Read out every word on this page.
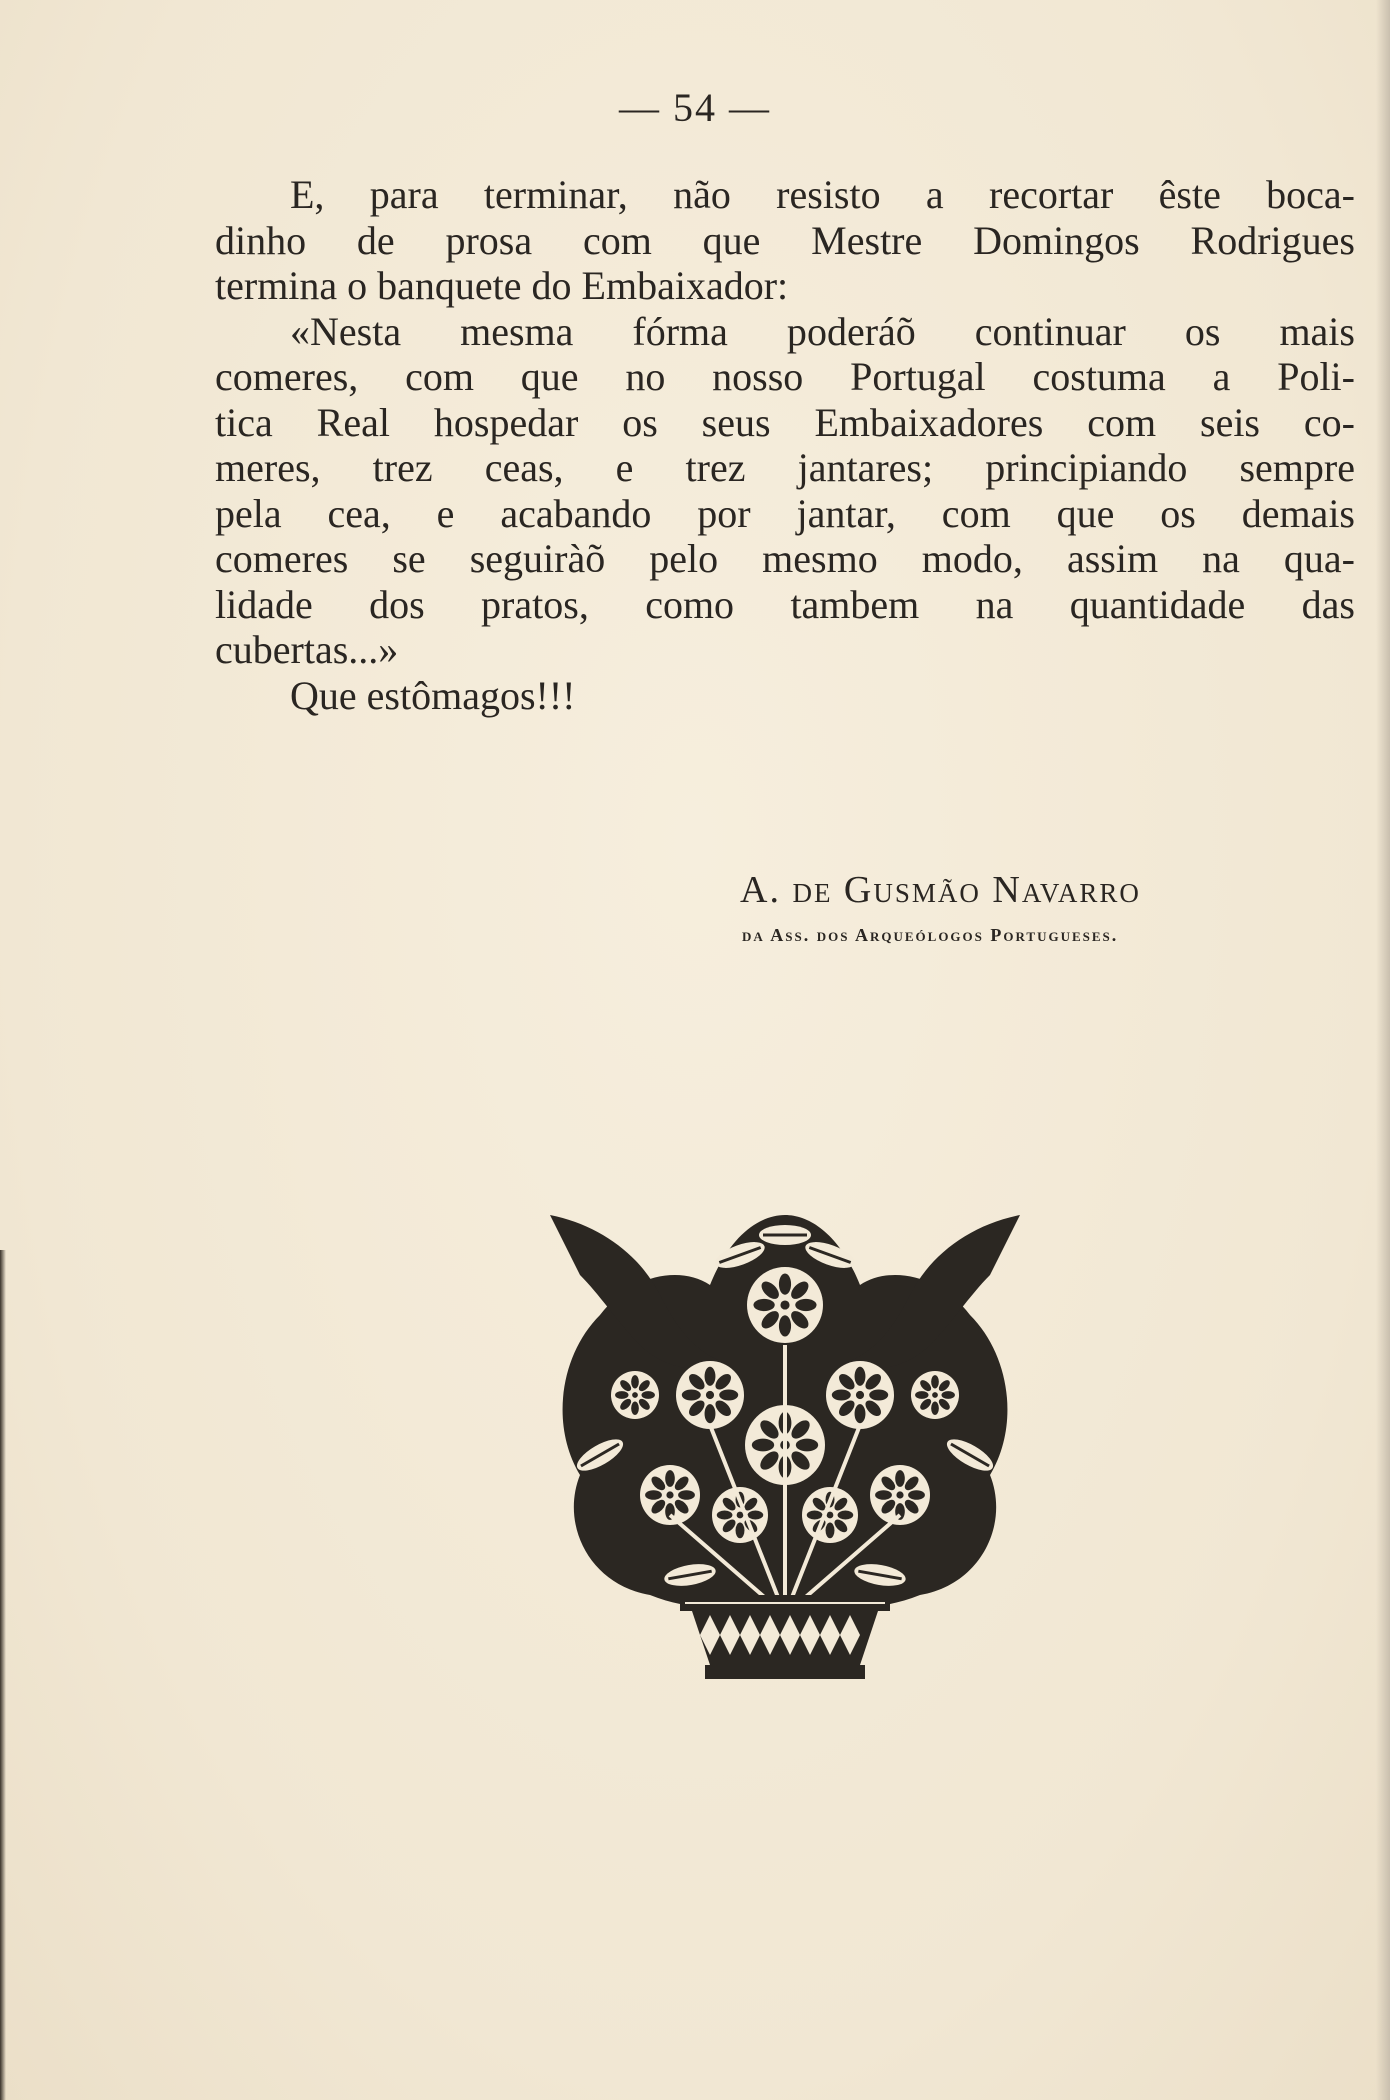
— 54 —
E, para terminar, não resisto a recortar êste boca-
dinho de prosa com que Mestre Domingos Rodrigues
termina o banquete do Embaixador:
«Nesta mesma fórma poderáõ continuar os mais
comeres, com que no nosso Portugal costuma a Poli-
tica Real hospedar os seus Embaixadores com seis co-
meres, trez ceas, e trez jantares; principiando sempre
pela cea, e acabando por jantar, com que os demais
comeres se seguiràõ pelo mesmo modo, assim na qua-
lidade dos pratos, como tambem na quantidade das
cubertas...»
Que estômagos!!!
A. de Gusmão Navarro
da Ass. dos Arqueólogos Portugueses.
